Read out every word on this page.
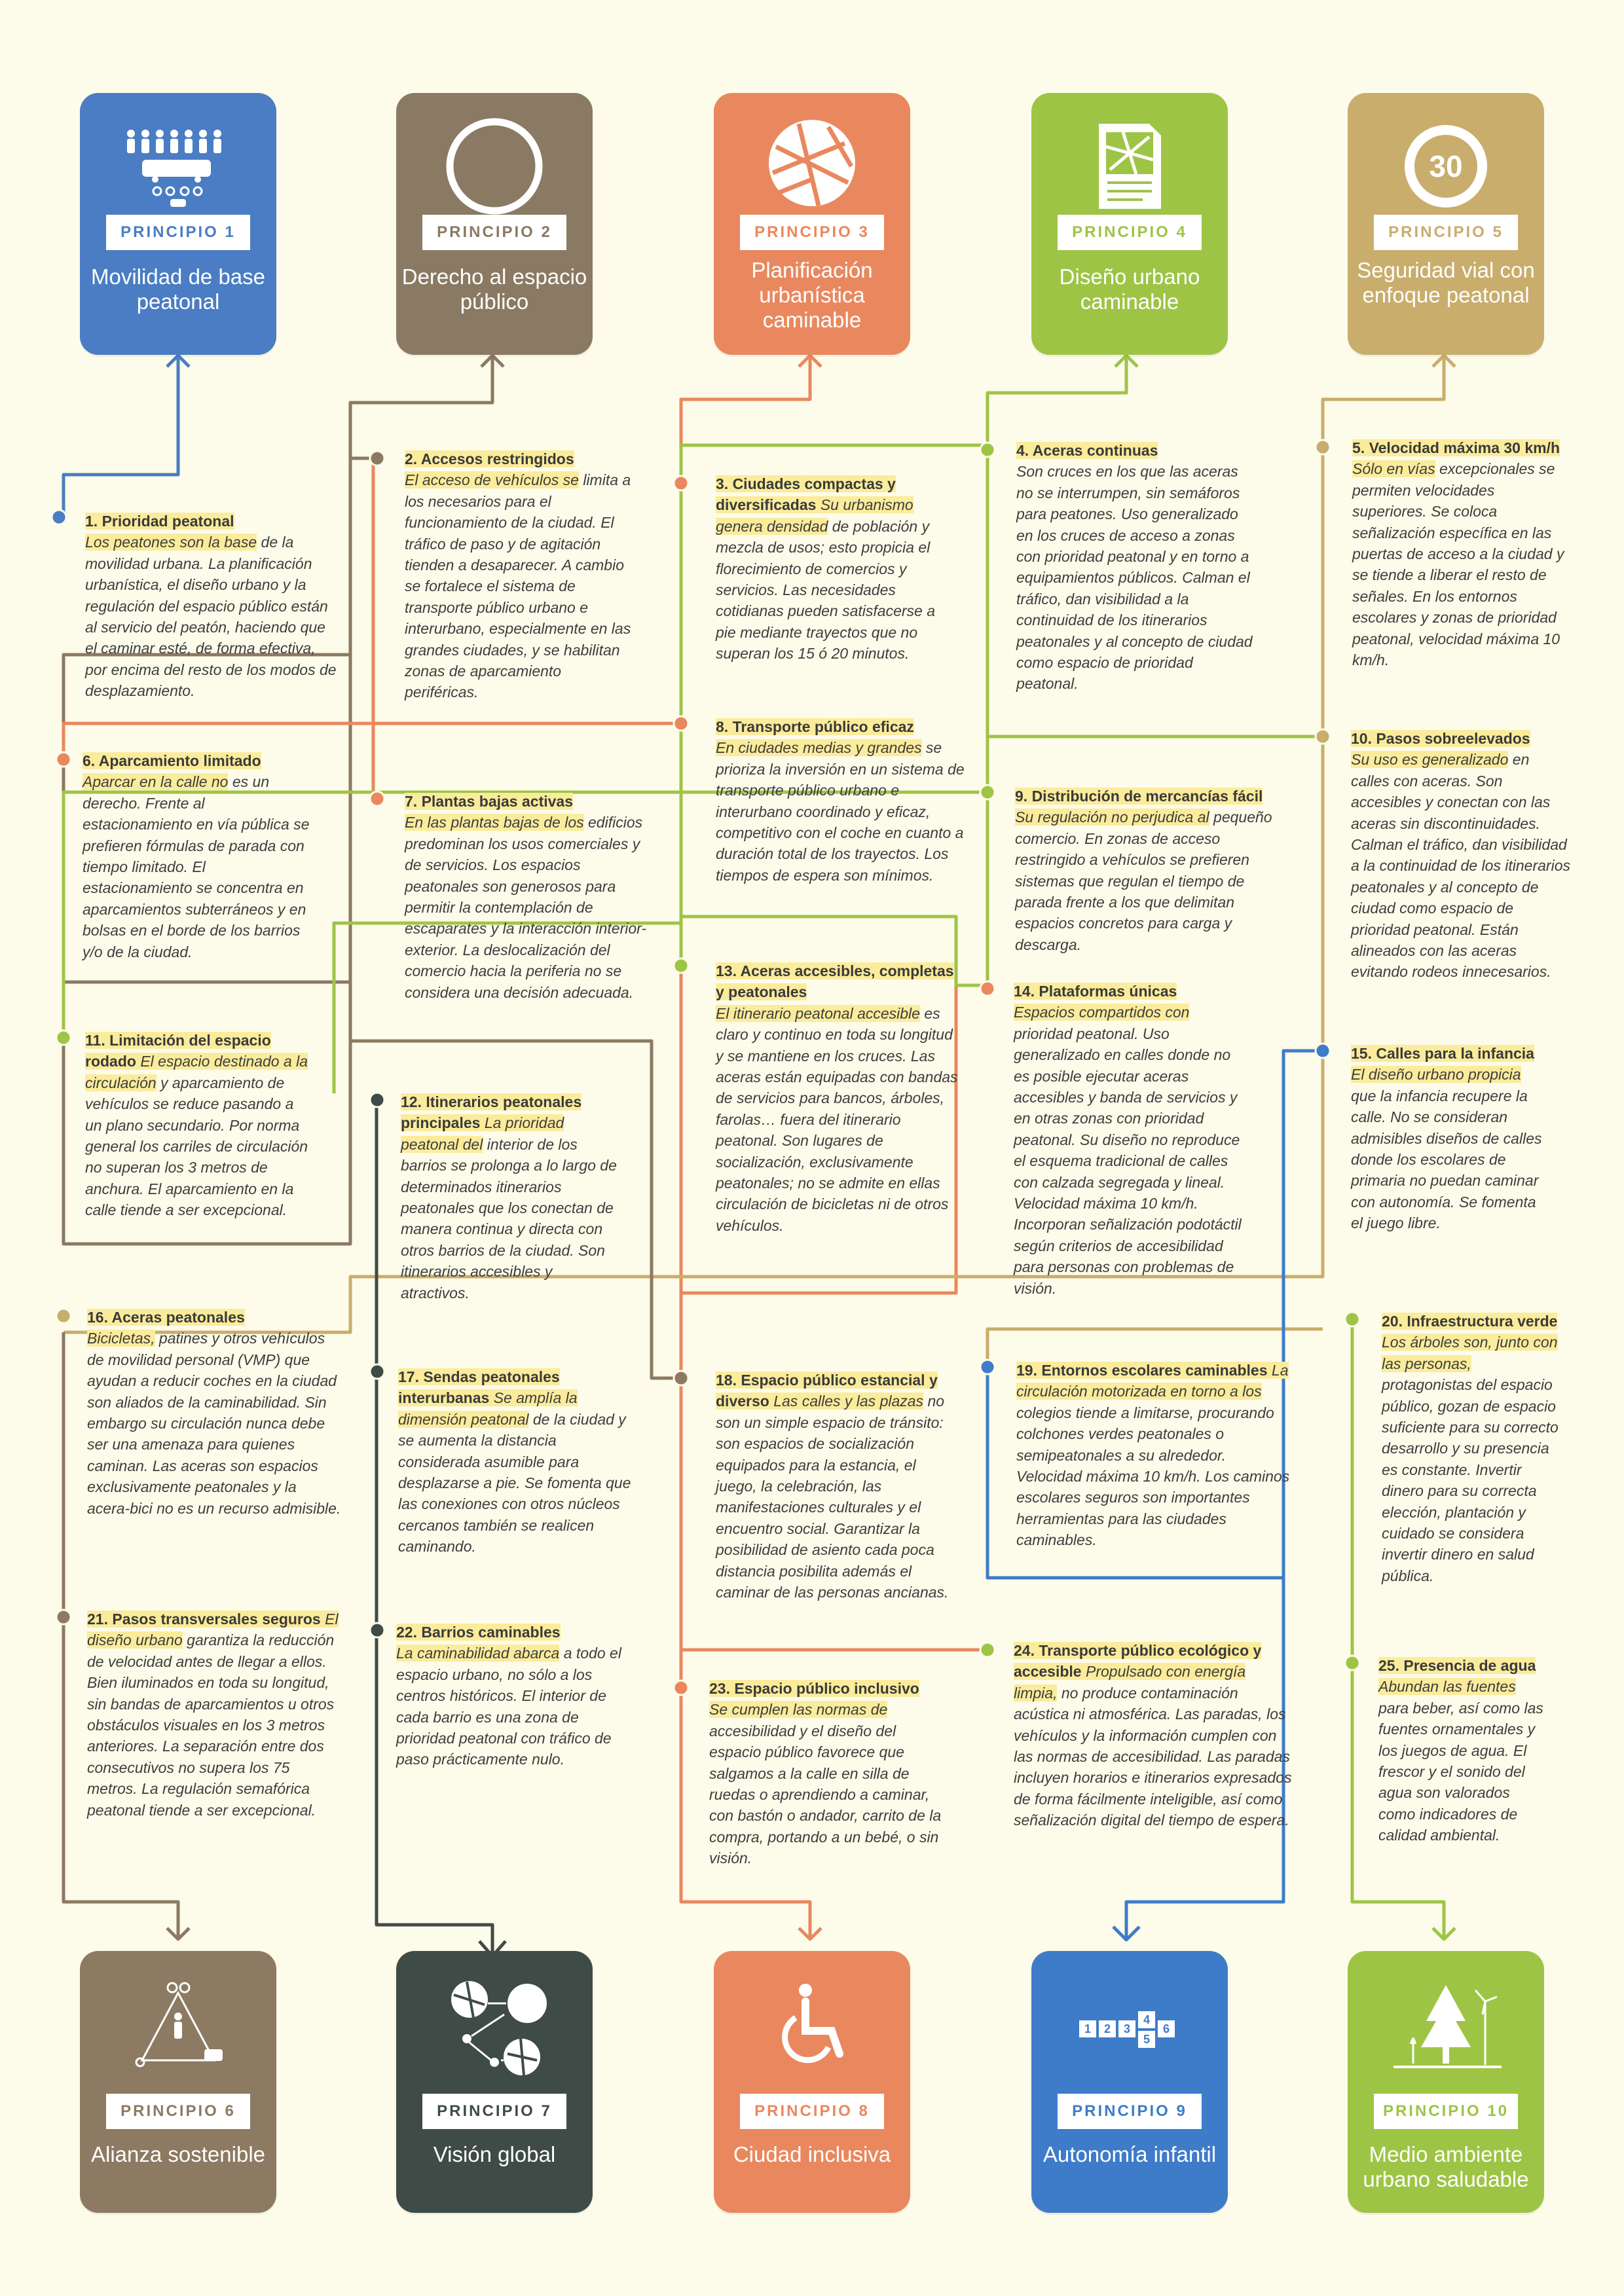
PRINCIPIO 1
Movilidad de base peatonal
PRINCIPIO 2
Derecho al espacio público
PRINCIPIO 3
Planificación urbanística caminable
PRINCIPIO 4
Diseño urbano caminable
30
PRINCIPIO 5
Seguridad vial con enfoque peatonal
PRINCIPIO 6
Alianza sostenible
PRINCIPIO 7
Visión global
PRINCIPIO 8
Ciudad inclusiva
1 2 3
4
5
6
PRINCIPIO 9
Autonomía infantil
PRINCIPIO 10
Medio ambiente urbano saludable
1. Prioridad peatonal
Los peatones son la base de la movilidad urbana. La planificación urbanística, el diseño urbano y la regulación del espacio público están al servicio del peatón, haciendo que el caminar esté, de forma efectiva, por encima del resto de los modos de desplazamiento.
2. Accesos restringidos
El acceso de vehículos se limita a los necesarios para el funcionamiento de la ciudad. El tráfico de paso y de agitación tienden a desaparecer. A cambio se fortalece el sistema de transporte público urbano e interurbano, especialmente en las grandes ciudades, y se habilitan zonas de aparcamiento periféricas.
3. Ciudades compactas y diversificadas Su urbanismo genera densidad de población y mezcla de usos; esto propicia el florecimiento de comercios y servicios. Las necesidades cotidianas pueden satisfacerse a pie mediante trayectos que no superan los 15 ó 20 minutos.
4. Aceras continuas
Son cruces en los que las aceras no se interrumpen, sin semáforos para peatones. Uso generalizado en los cruces de acceso a zonas con prioridad peatonal y en torno a equipamientos públicos. Calman el tráfico, dan visibilidad a la continuidad de los itinerarios peatonales y al concepto de ciudad como espacio de prioridad peatonal.
5. Velocidad máxima 30 km/h Sólo en vías excepcionales se permiten velocidades superiores. Se coloca señalización específica en las puertas de acceso a la ciudad y se tiende a liberar el resto de señales. En los entornos escolares y zonas de prioridad peatonal, velocidad máxima 10 km/h.
6. Aparcamiento limitado
Aparcar en la calle no es un derecho. Frente al estacionamiento en vía pública se prefieren fórmulas de parada con tiempo limitado. El estacionamiento se concentra en aparcamientos subterráneos y en bolsas en el borde de los barrios y/o de la ciudad.
7. Plantas bajas activas
En las plantas bajas de los edificios predominan los usos comerciales y de servicios. Los espacios peatonales son generosos para permitir la contemplación de escaparates y la interacción interior-exterior. La deslocalización del comercio hacia la periferia no se considera una decisión adecuada.
8. Transporte público eficaz
En ciudades medias y grandes se prioriza la inversión en un sistema de transporte público urbano e interurbano coordinado y eficaz, competitivo con el coche en cuanto a duración total de los trayectos. Los tiempos de espera son mínimos.
9. Distribución de mercancías fácil
Su regulación no perjudica al pequeño comercio. En zonas de acceso restringido a vehículos se prefieren sistemas que regulan el tiempo de parada frente a los que delimitan espacios concretos para carga y descarga.
10. Pasos sobreelevados
Su uso es generalizado en calles con aceras. Son accesibles y conectan con las aceras sin discontinuidades. Calman el tráfico, dan visibilidad a la continuidad de los itinerarios peatonales y al concepto de ciudad como espacio de prioridad peatonal. Están alineados con las aceras evitando rodeos innecesarios.
11. Limitación del espacio rodado El espacio destinado a la circulación y aparcamiento de vehículos se reduce pasando a un plano secundario. Por norma general los carriles de circulación no superan los 3 metros de anchura. El aparcamiento en la calle tiende a ser excepcional.
12. Itinerarios peatonales principales La prioridad peatonal del interior de los barrios se prolonga a lo largo de determinados itinerarios peatonales que los conectan de manera continua y directa con otros barrios de la ciudad. Son itinerarios accesibles y atractivos.
13. Aceras accesibles, completas y peatonales
El itinerario peatonal accesible es claro y continuo en toda su longitud y se mantiene en los cruces. Las aceras están equipadas con bandas de servicios para bancos, árboles, farolas… fuera del itinerario peatonal. Son lugares de socialización, exclusivamente peatonales; no se admite en ellas circulación de bicicletas ni de otros vehículos.
14. Plataformas únicas
Espacios compartidos con prioridad peatonal. Uso generalizado en calles donde no es posible ejecutar aceras accesibles y banda de servicios y en otras zonas con prioridad peatonal. Su diseño no reproduce el esquema tradicional de calles con calzada segregada y lineal. Velocidad máxima 10 km/h. Incorporan señalización podotáctil según criterios de accesibilidad para personas con problemas de visión.
15. Calles para la infancia El diseño urbano propicia que la infancia recupere la calle. No se consideran admisibles diseños de calles donde los escolares de primaria no puedan caminar con autonomía. Se fomenta el juego libre.
16. Aceras peatonales
Bicicletas, patines y otros vehículos de movilidad personal (VMP) que ayudan a reducir coches en la ciudad son aliados de la caminabilidad. Sin embargo su circulación nunca debe ser una amenaza para quienes caminan. Las aceras son espacios exclusivamente peatonales y la acera-bici no es un recurso admisible.
17. Sendas peatonales interurbanas Se amplía la dimensión peatonal de la ciudad y se aumenta la distancia considerada asumible para desplazarse a pie. Se fomenta que las conexiones con otros núcleos cercanos también se realicen caminando.
18. Espacio público estancial y diverso Las calles y las plazas no son un simple espacio de tránsito: son espacios de socialización equipados para la estancia, el juego, la celebración, las manifestaciones culturales y el encuentro social. Garantizar la posibilidad de asiento cada poca distancia posibilita además el caminar de las personas ancianas.
19. Entornos escolares caminables La circulación motorizada en torno a los colegios tiende a limitarse, procurando colchones verdes peatonales o semipeatonales a su alrededor. Velocidad máxima 10 km/h. Los caminos escolares seguros son importantes herramientas para las ciudades caminables.
20. Infraestructura verde Los árboles son, junto con las personas, protagonistas del espacio público, gozan de espacio suficiente para su correcto desarrollo y su presencia es constante. Invertir dinero para su correcta elección, plantación y cuidado se considera invertir dinero en salud pública.
21. Pasos transversales seguros El diseño urbano garantiza la reducción de velocidad antes de llegar a ellos. Bien iluminados en toda su longitud, sin bandas de aparcamientos u otros obstáculos visuales en los 3 metros anteriores. La separación entre dos consecutivos no supera los 75 metros. La regulación semafórica peatonal tiende a ser excepcional.
22. Barrios caminables
La caminabilidad abarca a todo el espacio urbano, no sólo a los centros históricos. El interior de cada barrio es una zona de prioridad peatonal con tráfico de paso prácticamente nulo.
23. Espacio público inclusivo
Se cumplen las normas de accesibilidad y el diseño del espacio público favorece que salgamos a la calle en silla de ruedas o aprendiendo a caminar, con bastón o andador, carrito de la compra, portando a un bebé, o sin visión.
24. Transporte público ecológico y accesible Propulsado con energía limpia, no produce contaminación acústica ni atmosférica. Las paradas, los vehículos y la información cumplen con las normas de accesibilidad. Las paradas incluyen horarios e itinerarios expresados de forma fácilmente inteligible, así como señalización digital del tiempo de espera.
25. Presencia de agua Abundan las fuentes para beber, así como las fuentes ornamentales y los juegos de agua. El frescor y el sonido del agua son valorados como indicadores de calidad ambiental.
